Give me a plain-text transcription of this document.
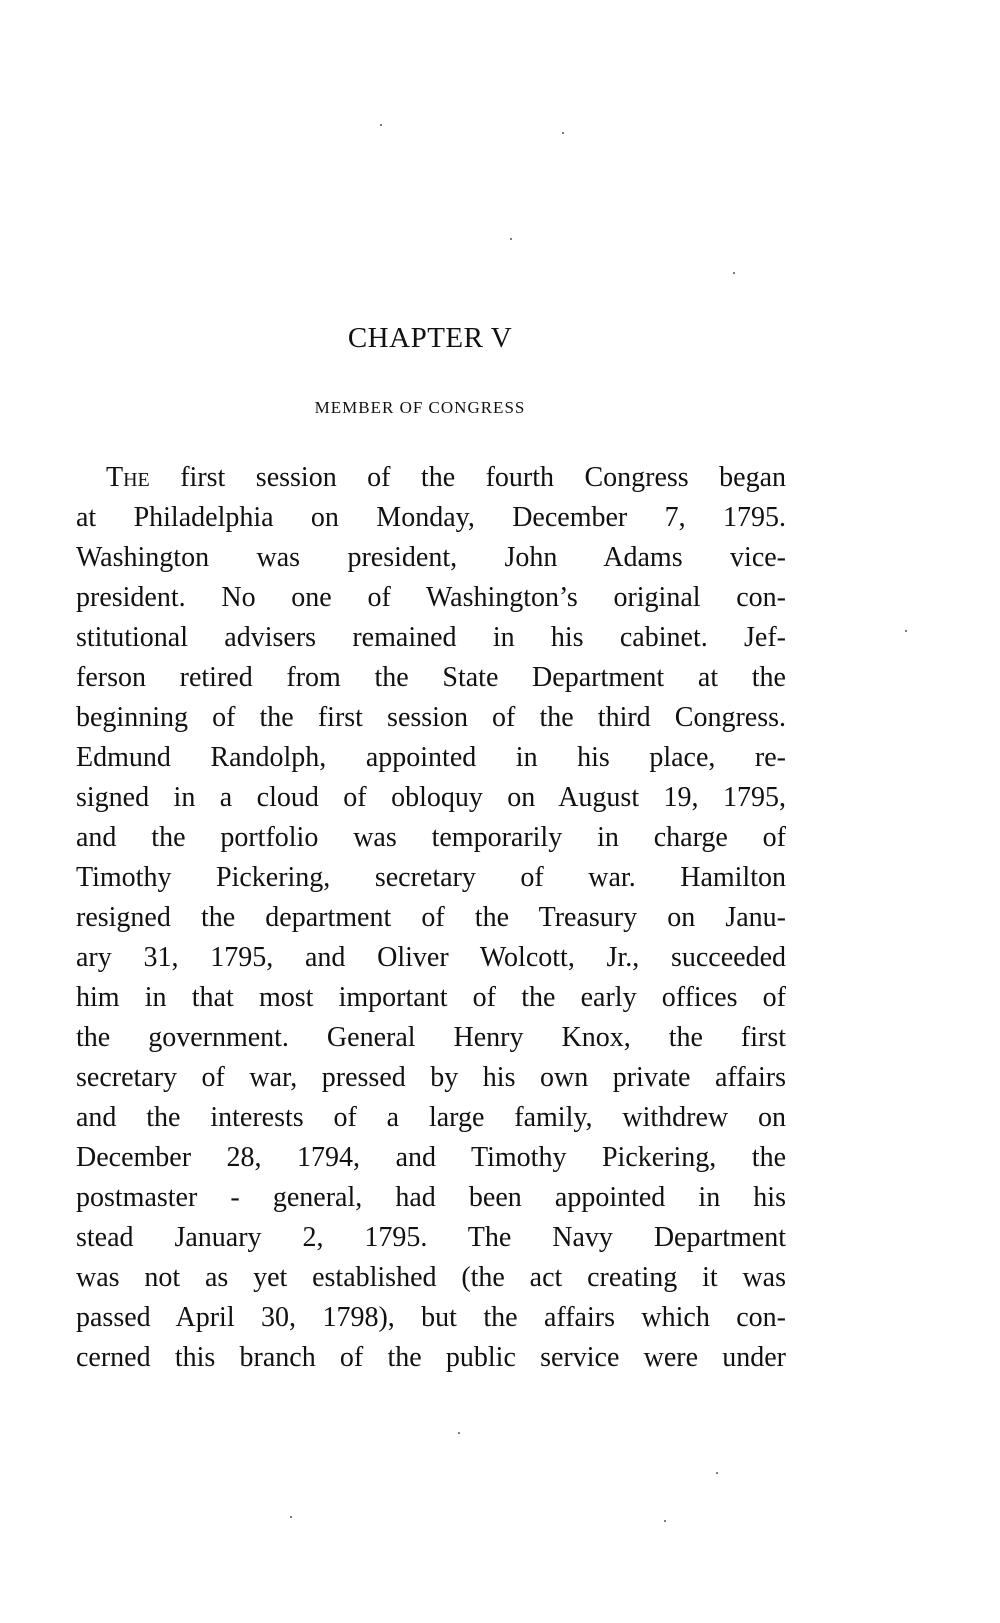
CHAPTER V
MEMBER OF CONGRESS
The first session of the fourth Congress began
at Philadelphia on Monday, December 7, 1795.
Washington was president, John Adams vice-
president. No one of Washington’s original con-
stitutional advisers remained in his cabinet. Jef-
ferson retired from the State Department at the
beginning of the first session of the third Congress.
Edmund Randolph, appointed in his place, re-
signed in a cloud of obloquy on August 19, 1795,
and the portfolio was temporarily in charge of
Timothy Pickering, secretary of war. Hamilton
resigned the department of the Treasury on Janu-
ary 31, 1795, and Oliver Wolcott, Jr., succeeded
him in that most important of the early offices of
the government. General Henry Knox, the first
secretary of war, pressed by his own private affairs
and the interests of a large family, withdrew on
December 28, 1794, and Timothy Pickering, the
postmaster - general, had been appointed in his
stead January 2, 1795. The Navy Department
was not as yet established (the act creating it was
passed April 30, 1798), but the affairs which con-
cerned this branch of the public service were under
